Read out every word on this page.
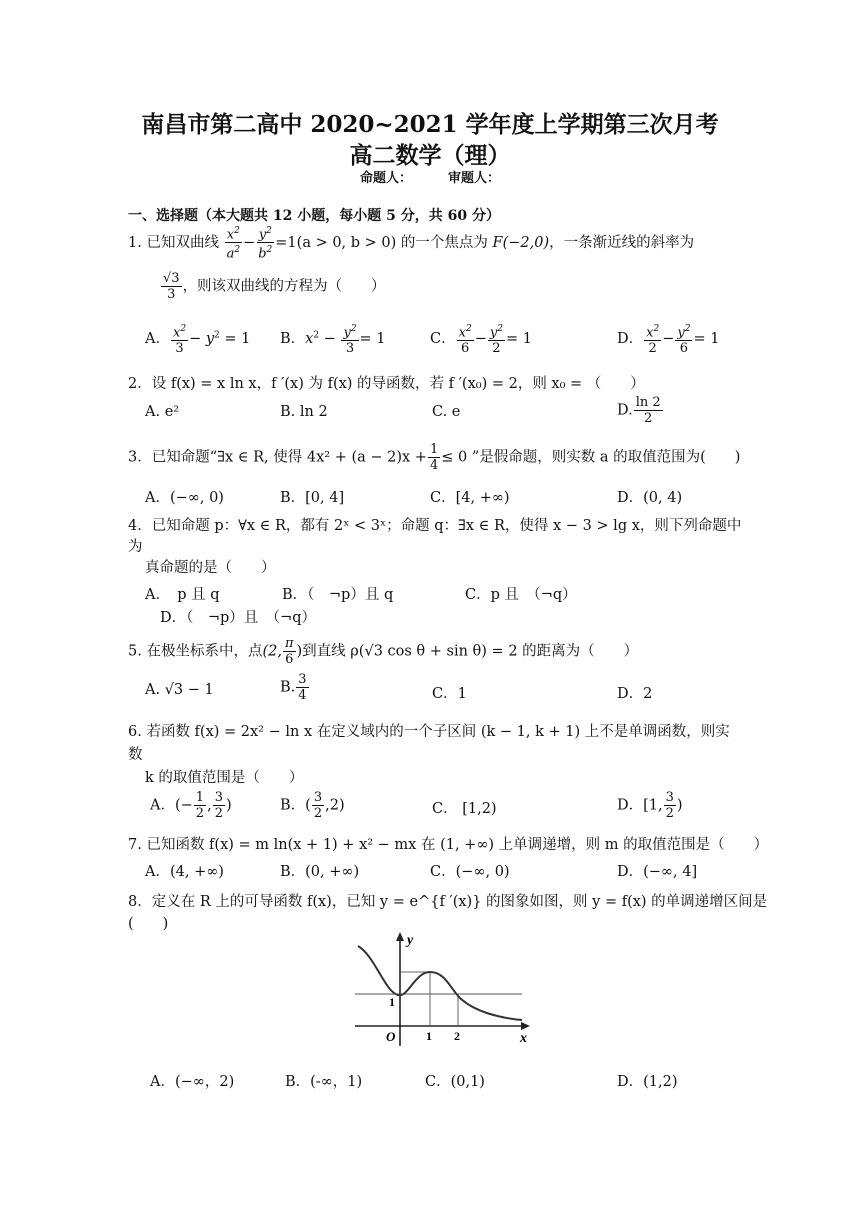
南昌市第二高中 2020~2021 学年度上学期第三次月考
高二数学（理）
命题人：	审题人：
一、选择题（本大题共 12 小题，每小题 5 分，共 60 分）
1. 已知双曲线 $\frac{x^2}{a^2} - \frac{y^2}{b^2} =1(a > 0$, b > 0) 的一个焦点为 F(−2,0)，一条渐近线的斜率为
$\frac{√3}{3}$ ，则该双曲线的方程为（　　）
A． $\frac{x^2}{3} - y^2 = 1$ B．$x^2 - \frac{y^2}{3} = 1$	C． $\frac{x^2}{6} - \frac{y^2}{2} = 1$	D． $\frac{x^2}{2} - \frac{y^2}{6} = 1$
2．设 f(x) = x ln x，f ′(x) 为 f(x) 的导函数，若 f ′(x₀) = 2，则 x₀ = （　　）
A. e²	B. ln 2	C. e	D. $\frac{\ln 2}{2}$
3．已知命题“∃x ∈ R, 使得 $4x^2 + (a - 2)x + \frac{1}{4} \le 0$ ”是假命题，则实数 a 的取值范围为(　　)
A．(−∞, 0)	B．[0, 4]	C．[4, +∞)	D．(0, 4)
4．已知命题 p：∀x ∈ R，都有 2ˣ < 3ˣ；命题 q：∃x ∈ R，使得 x − 3 > lg x，则下列命题中
为
真命题的是（　　）
A．　p 且 q	B．（　¬p）且 q	C．p 且　（¬q）
D．（　¬p）且　（¬q）
5. 在极坐标系中，点(2, $\frac{\pi}{6}$ )到直线 ρ(√3 cos θ + sin θ) = 2 的距离为（　　）
A. √3 − 1	B. $\frac{3}{4}$	C．1	D．2
6. 若函数 f(x) = 2x² − ln x 在定义域内的一个子区间 (k − 1, k + 1) 上不是单调函数，则实
数
k 的取值范围是（　　）
A．(− $\frac{1}{2}$ , $\frac{3}{2}$ )	B．( $\frac{3}{2} ,2$)	C． [1,2)	D．[1, $\frac{3}{2}$ )
7. 已知函数 f(x) = m ln(x + 1) + x² − mx 在 (1, +∞) 上单调递增，则 m 的取值范围是（　　）
A．(4, +∞)	B．(0, +∞)	C．(−∞, 0)	D．(−∞, 4]
8．定义在 R 上的可导函数 f(x)，已知 y = e^{f ′(x)} 的图象如图，则 y = f(x) 的单调递增区间是
(　　)
y
x
O
1
1 2
A．(−∞，2)	B．(-∞，1)	C．(0,1)	D．(1,2)
